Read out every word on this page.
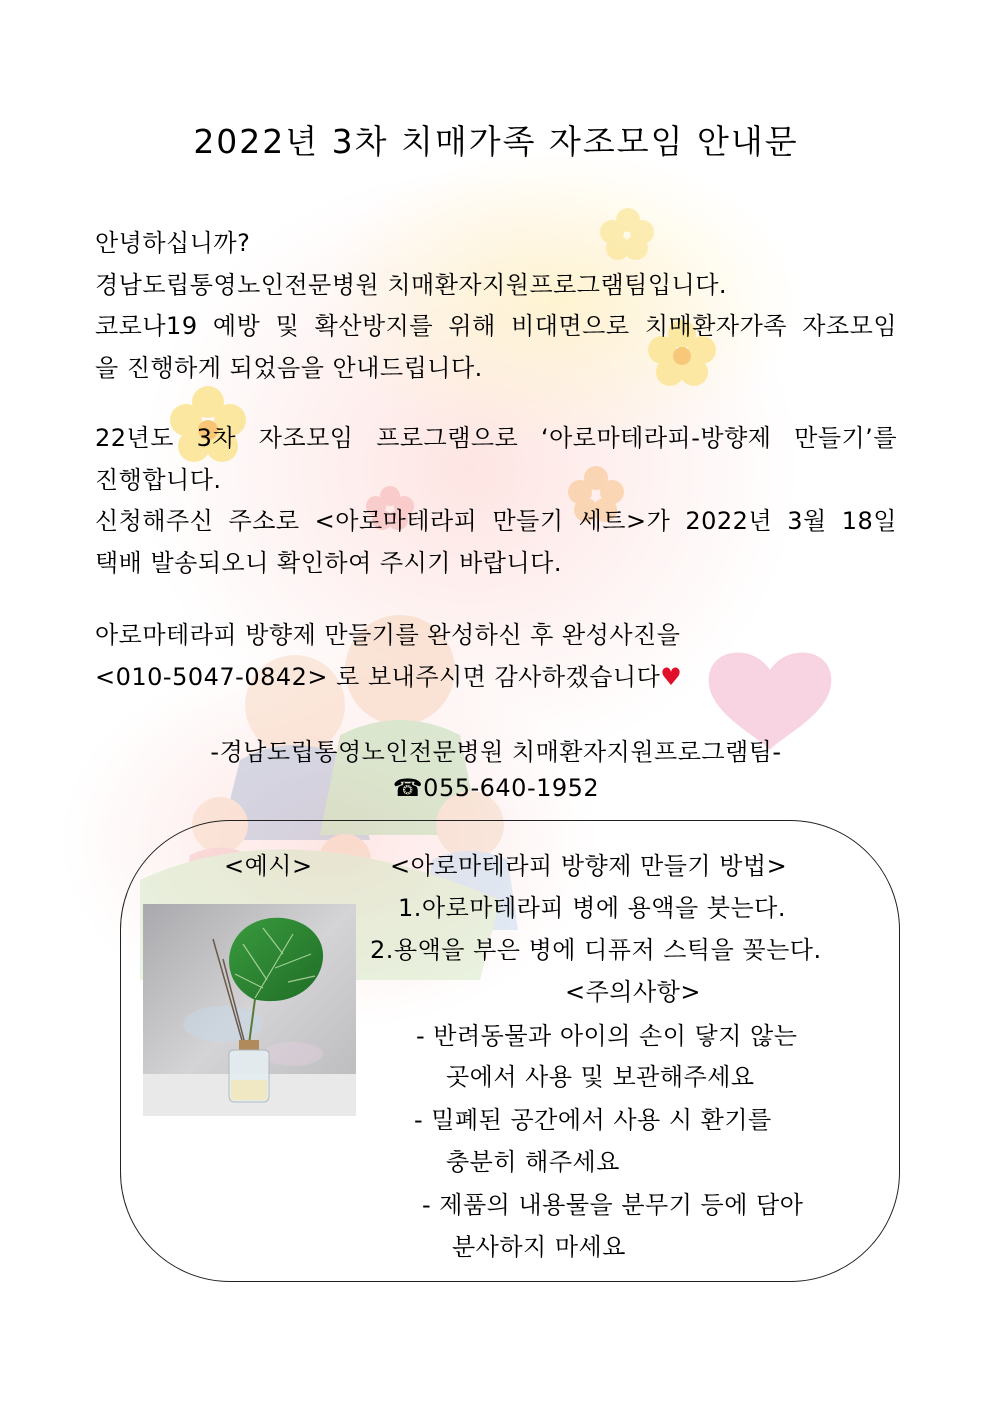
2022년 3차 치매가족 자조모임 안내문
안녕하십니까?
경남도립통영노인전문병원 치매환자지원프로그램팀입니다.
코로나19 예방 및 확산방지를 위해 비대면으로 치매환자가족 자조모임
을 진행하게 되었음을 안내드립니다.
22년도 3차 자조모임 프로그램으로 ‘아로마테라피-방향제 만들기’를
진행합니다.
신청해주신 주소로 <아로마테라피 만들기 세트>가 2022년 3월 18일
택배 발송되오니 확인하여 주시기 바랍니다.
아로마테라피 방향제 만들기를 완성하신 후 완성사진을
<010-5047-0842> 로 보내주시면 감사하겠습니다♥
-경남도립통영노인전문병원 치매환자지원프로그램팀-
☎055-640-1952
<예시>	<아로마테라피 방향제 만들기 방법>
1.아로마테라피 병에 용액을 붓는다.
2.용액을 부은 병에 디퓨저 스틱을 꽂는다.
<주의사항>
- 반려동물과 아이의 손이 닿지 않는
곳에서 사용 및 보관해주세요
- 밀폐된 공간에서 사용 시 환기를
충분히 해주세요
- 제품의 내용물을 분무기 등에 담아
분사하지 마세요
